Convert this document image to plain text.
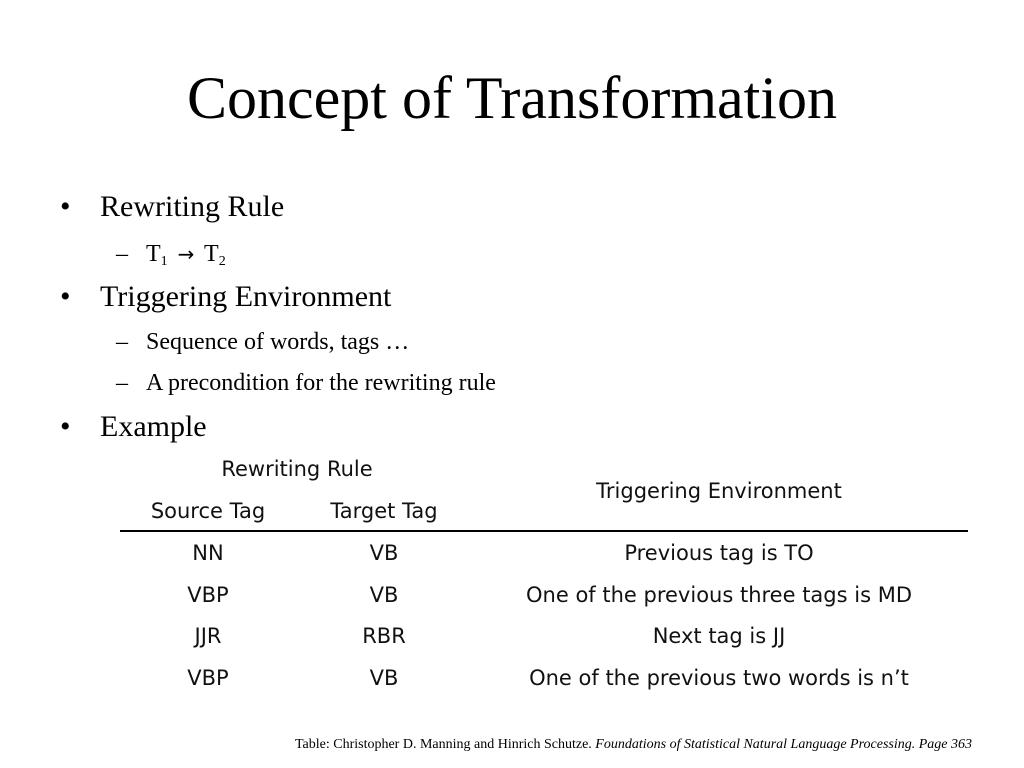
Concept of Transformation
• Rewriting Rule
– $T_1 \to T_2$
• Triggering Environment
– Sequence of words, tags …
– A precondition for the rewriting rule
• Example
Rewriting Rule
Source Tag	Target Tag
Triggering Environment
NN	VB	Previous tag is TO
VBP	VB	One of the previous three tags is MD
JJR	RBR	Next tag is JJ
VBP	VB	One of the previous two words is n’t
Table: Christopher D. Manning and Hinrich Schutze. Foundations of Statistical Natural Language Processing. Page 363
